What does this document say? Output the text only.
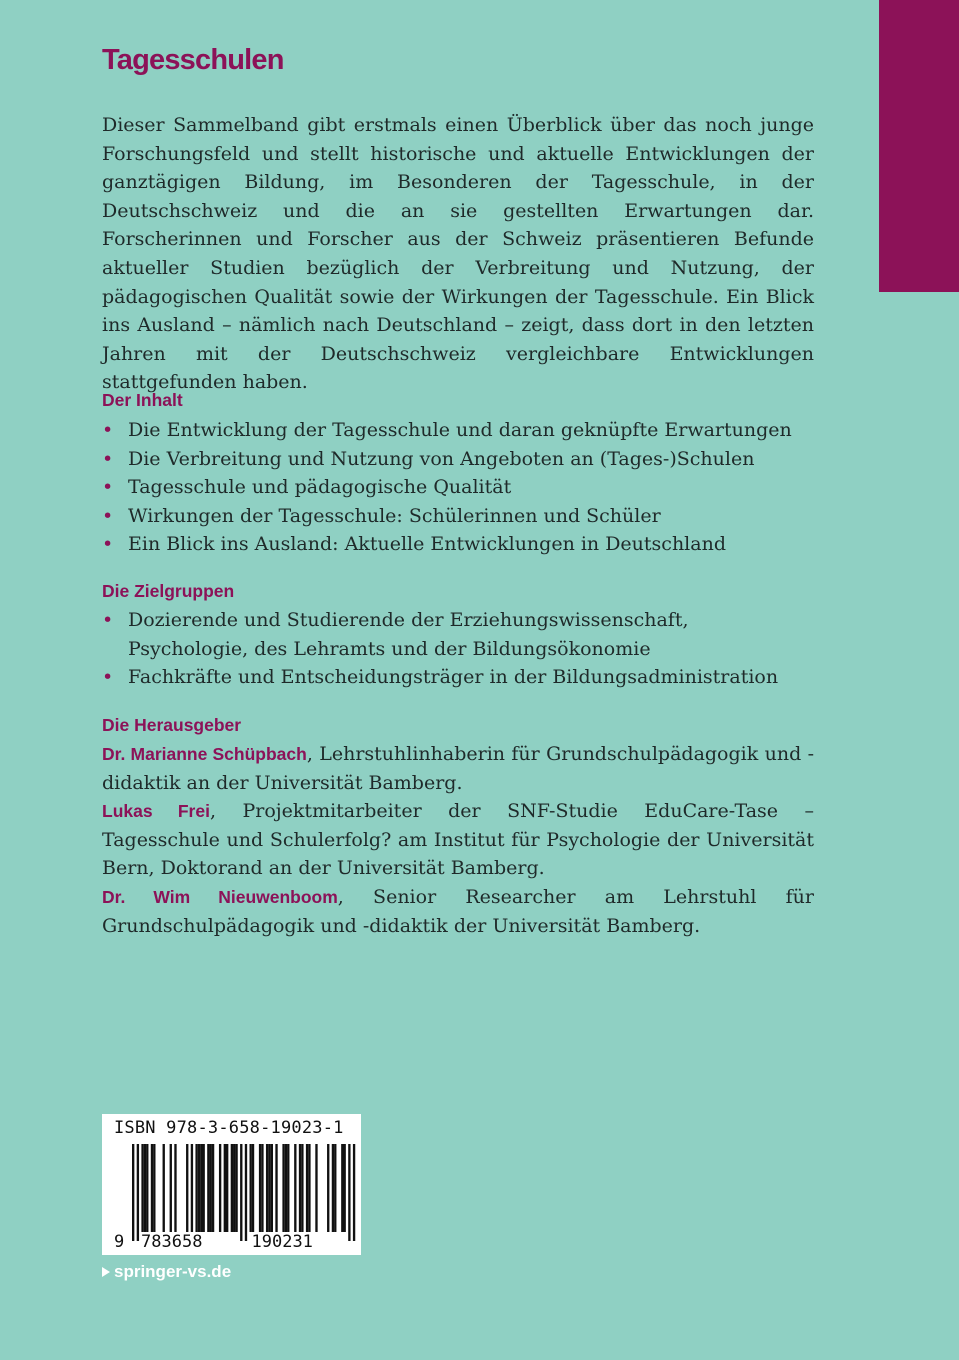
Tagesschulen

Dieser Sammelband gibt erstmals einen Überblick über das noch junge Forschungsfeld und stellt historische und aktuelle Entwicklungen der ganztägigen Bildung, im Besonderen der Tagesschule, in der Deutschschweiz und die an sie gestellten Erwartungen dar. Forscherinnen und Forscher aus der Schweiz präsentieren Befunde aktueller Studien bezüglich der Verbreitung und Nutzung, der pädagogischen Qualität sowie der Wirkungen der Tagesschule. Ein Blick ins Ausland – nämlich nach Deutschland – zeigt, dass dort in den letzten Jahren mit der Deutschschweiz vergleichbare Entwicklungen stattgefunden haben.

Der Inhalt
• Die Entwicklung der Tagesschule und daran geknüpfte Erwartungen
• Die Verbreitung und Nutzung von Angeboten an (Tages-)Schulen
• Tagesschule und pädagogische Qualität
• Wirkungen der Tagesschule: Schülerinnen und Schüler
• Ein Blick ins Ausland: Aktuelle Entwicklungen in Deutschland
Die Zielgruppen
• Dozierende und Studierende der Erziehungswissenschaft, Psychologie, des Lehramts und der Bildungsökonomie
• Fachkräfte und Entscheidungsträger in der Bildungsadministration
Die Herausgeber

Dr. Marianne Schüpbach, Lehrstuhlinhaberin für Grundschulpädagogik und -didaktik an der Universität Bamberg.

Lukas Frei, Projektmitarbeiter der SNF-Studie EduCare-Tase – Tagesschule und Schulerfolg? am Institut für Psychologie der Universität Bern, Doktorand an der Universität Bamberg.

Dr. Wim Nieuwenboom, Senior Researcher am Lehrstuhl für Grundschulpädagogik und -didaktik der Universität Bamberg.

ISBN 978-3-658-19023-1
9 783658	190231
springer-vs.de
